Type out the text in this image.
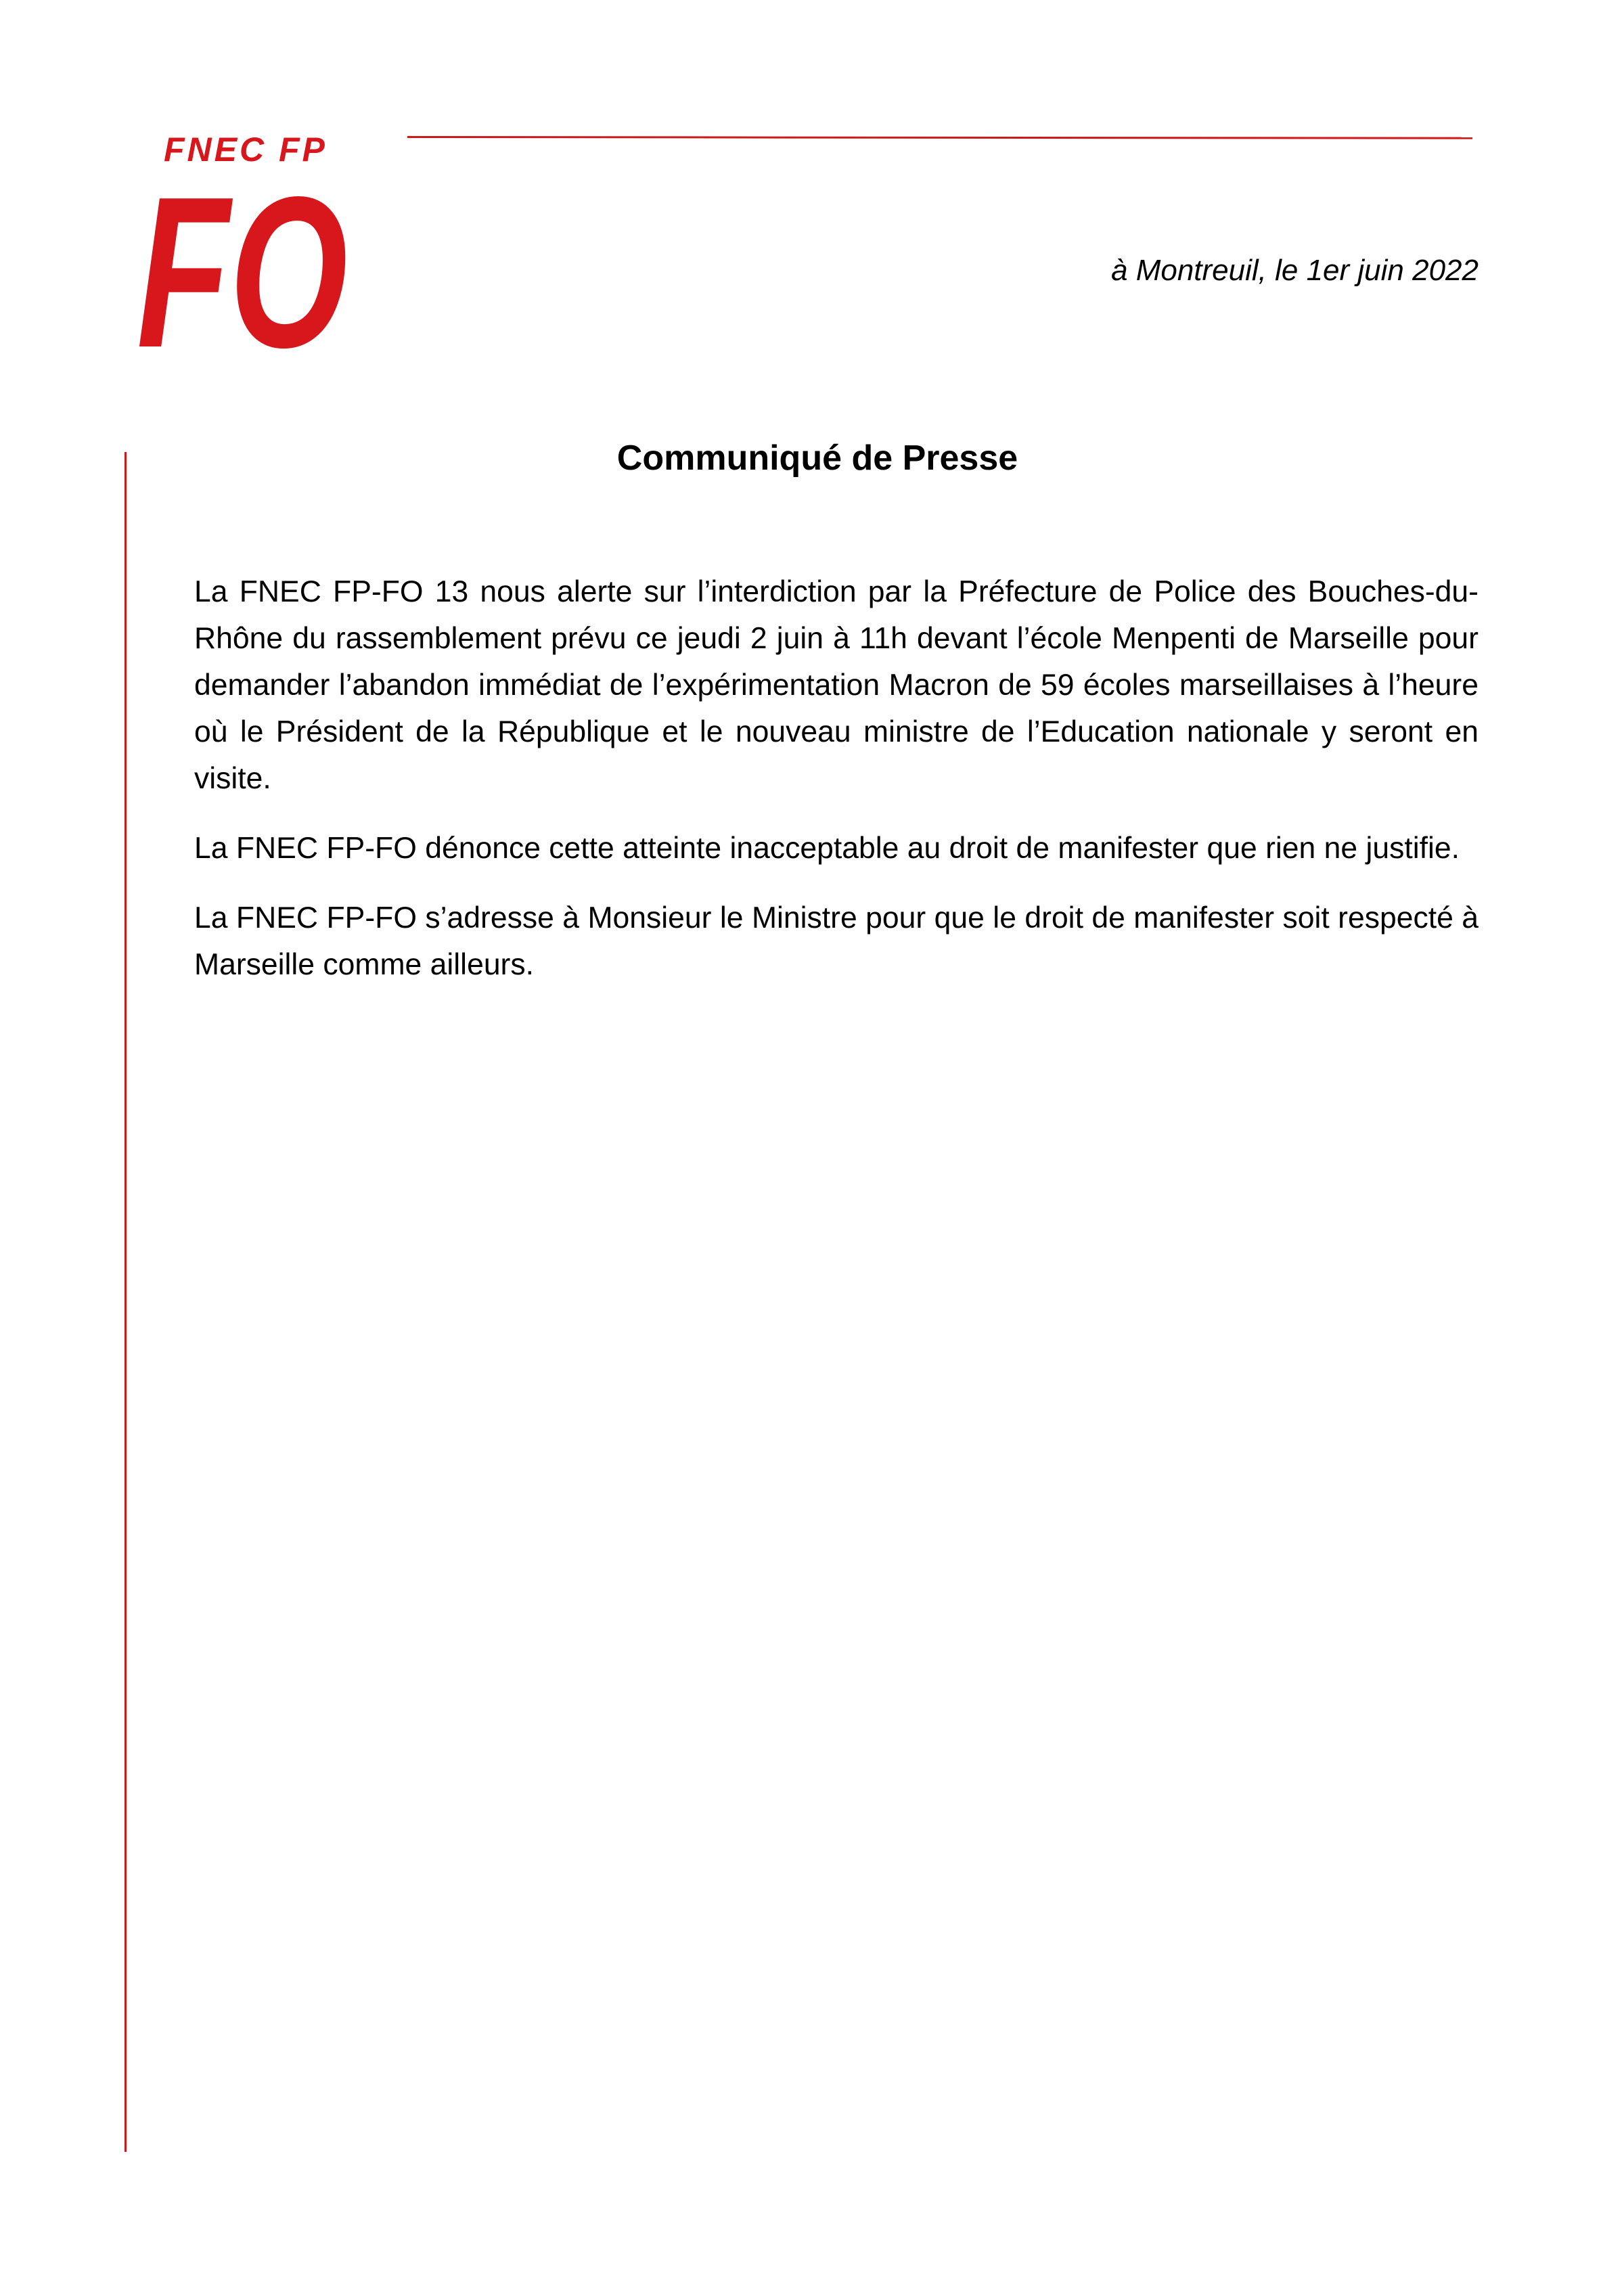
FNEC FP
FO	à Montreuil, le 1er juin 2022
Communiqué de Presse

La FNEC FP-FO 13 nous alerte sur l’interdiction par la Préfecture de Police des Bouches-du-Rhône du rassemblement prévu ce jeudi 2 juin à 11h devant l’école Menpenti de Marseille pour demander l’abandon immédiat de l’expérimentation Macron de 59 écoles marseillaises à l’heure où le Président de la République et le nouveau ministre de l’Education nationale y seront en visite.

La FNEC FP-FO dénonce cette atteinte inacceptable au droit de manifester que rien ne justifie.

La FNEC FP-FO s’adresse à Monsieur le Ministre pour que le droit de manifester soit respecté à Marseille comme ailleurs.
